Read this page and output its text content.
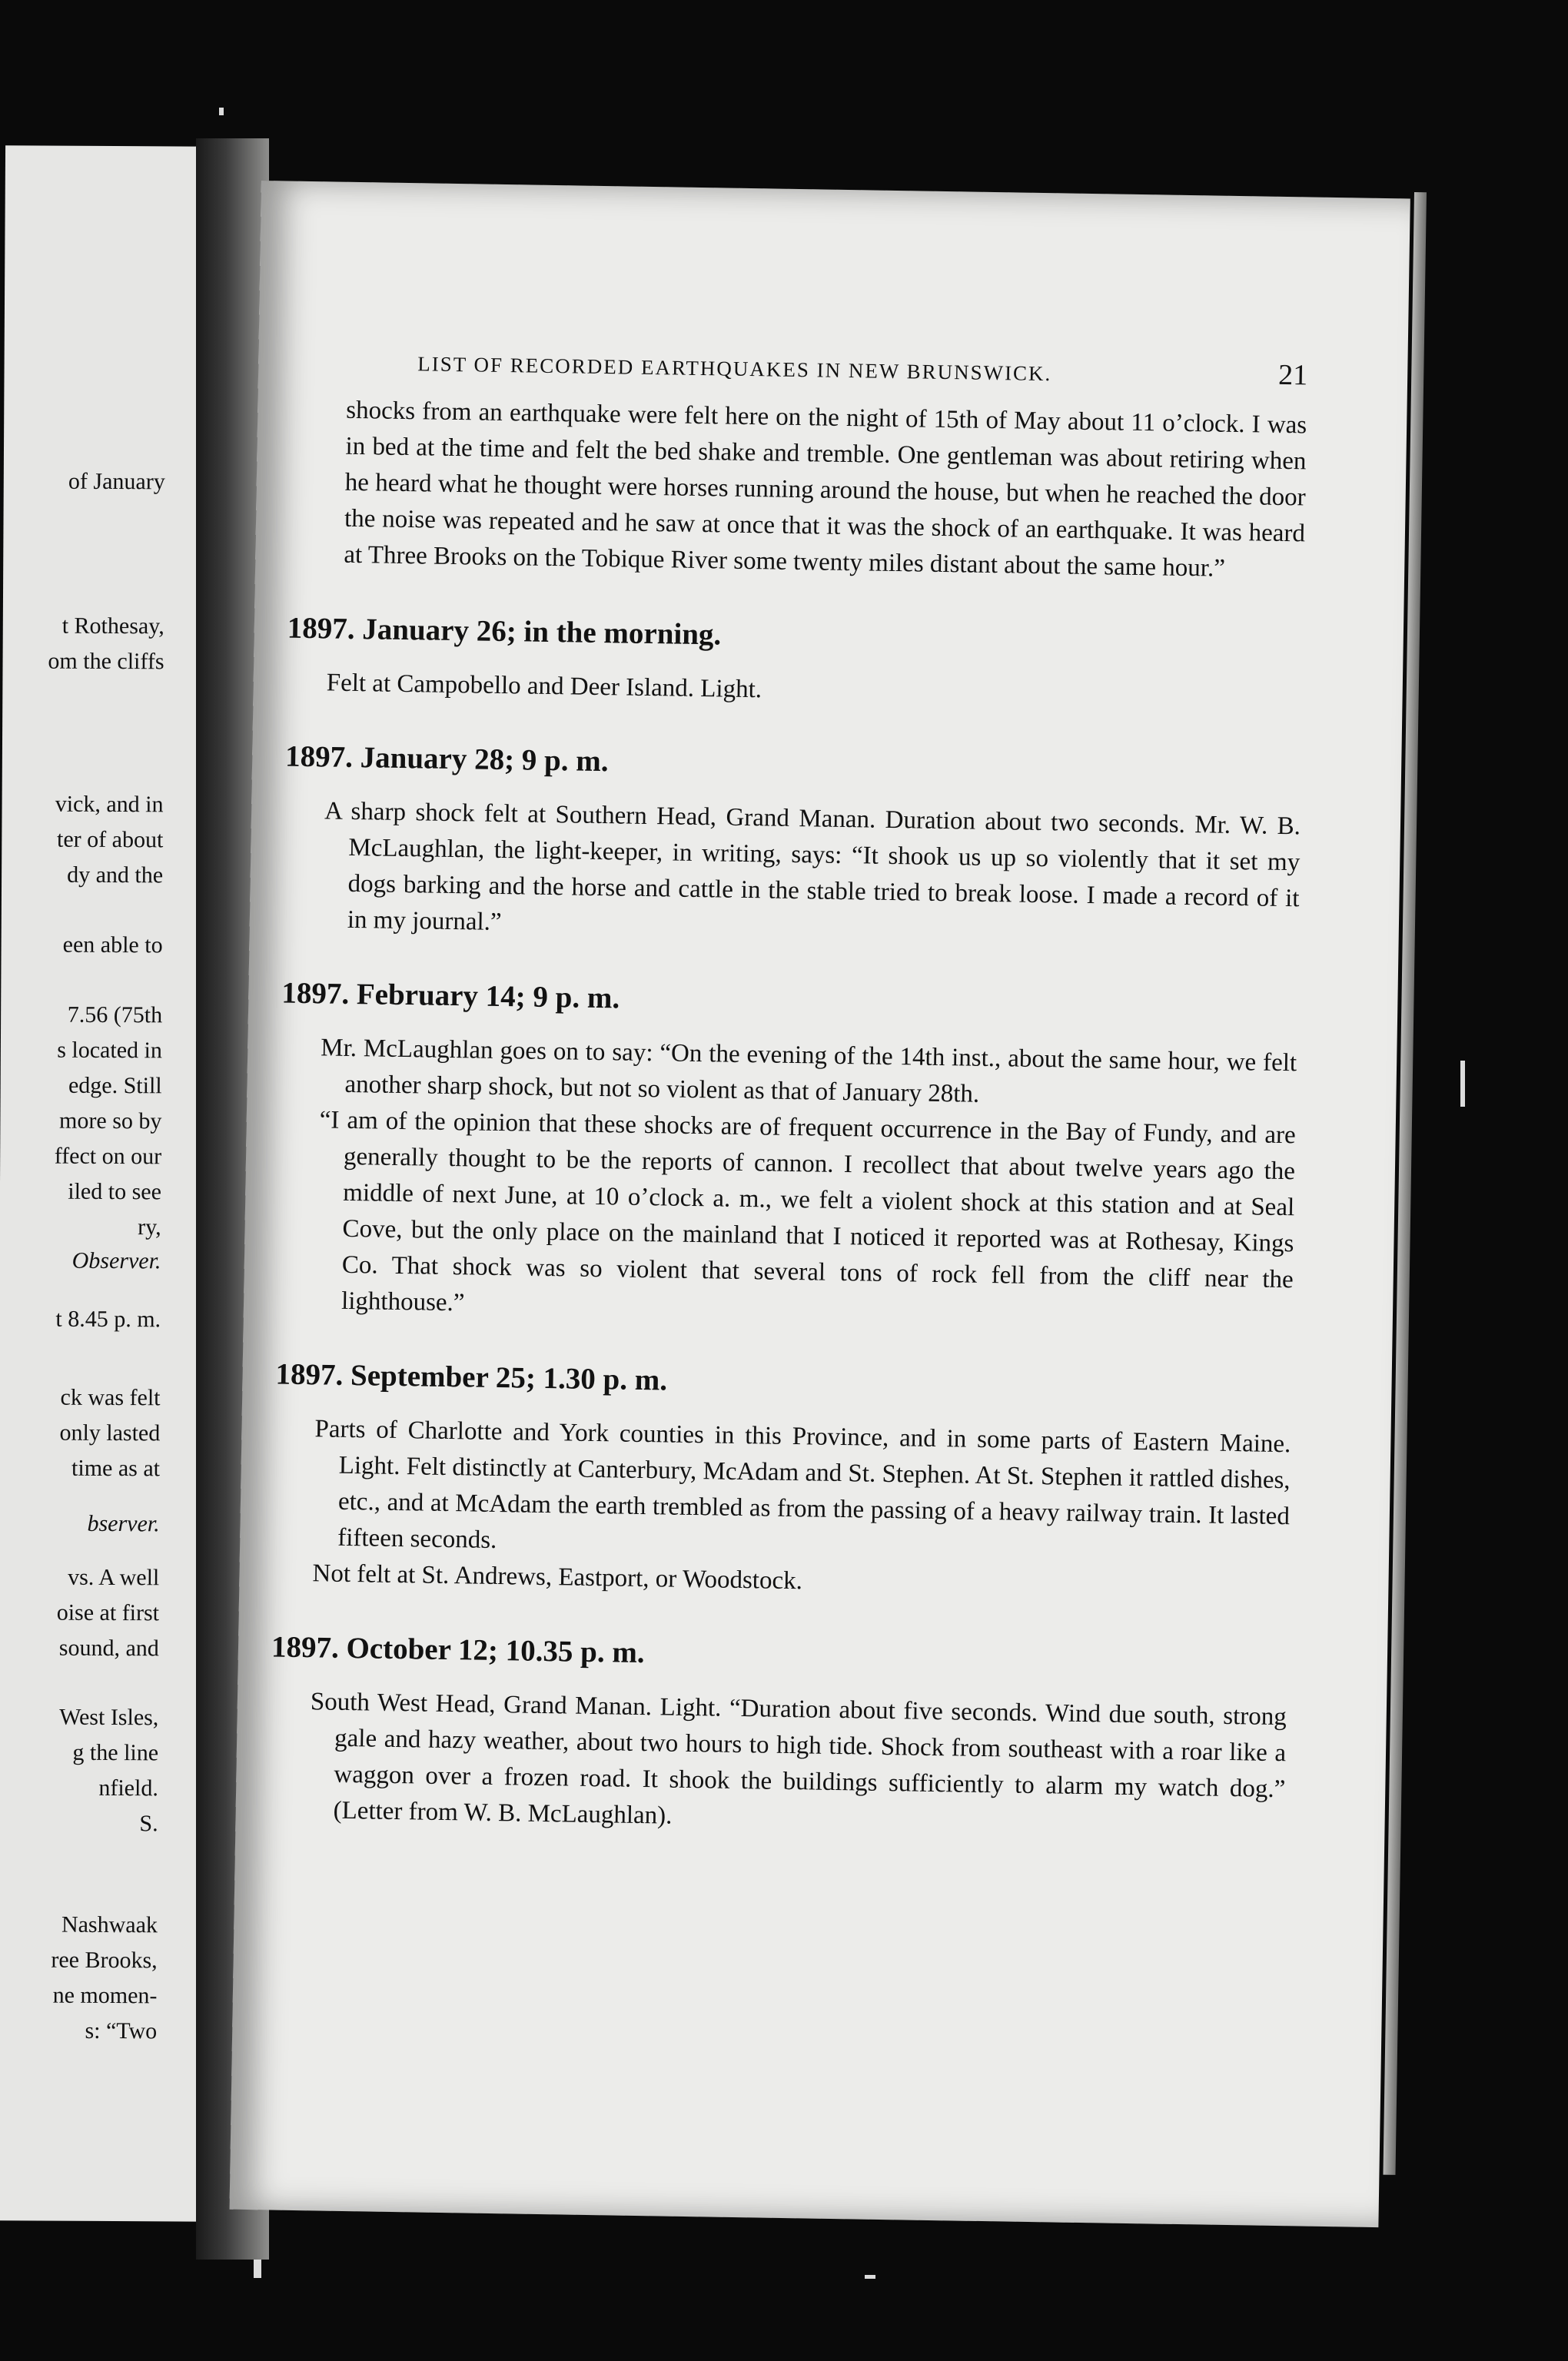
of January
t Rothesay,
om the cliffs
vick, and in
ter of about
dy and the
een able to
7.56 (75th
s located in
edge. Still
more so by
ffect on our
iled to see
ry,
Observer.
t 8.45 p. m.
ck was felt
only lasted
time as at
bserver.
vs. A well
oise at first
sound, and
West Isles,
g the line
nfield.
S.
Nashwaak
ree Brooks,
ne momen-
s: “Two
LIST OF RECORDED EARTHQUAKES IN NEW BRUNSWICK.	21

shocks from an earthquake were felt here on the night of 15th of May about 11 o’clock. I was in bed at the time and felt the bed shake and tremble. One gentleman was about retiring when he heard what he thought were horses running around the house, but when he reached the door the noise was repeated and he saw at once that it was the shock of an earthquake. It was heard at Three Brooks on the Tobique River some twenty miles distant about the same hour.”

1897. January 26; in the morning.

Felt at Campobello and Deer Island. Light.

1897. January 28; 9 p. m.

A sharp shock felt at Southern Head, Grand Manan. Duration about two seconds. Mr. W. B. McLaughlan, the light-keeper, in writing, says: “It shook us up so violently that it set my dogs barking and the horse and cattle in the stable tried to break loose. I made a record of it in my journal.”

1897. February 14; 9 p. m.

Mr. McLaughlan goes on to say: “On the evening of the 14th inst., about the same hour, we felt another sharp shock, but not so violent as that of January 28th.

“I am of the opinion that these shocks are of frequent occurrence in the Bay of Fundy, and are generally thought to be the reports of cannon. I recollect that about twelve years ago the middle of next June, at 10 o’clock a. m., we felt a violent shock at this station and at Seal Cove, but the only place on the mainland that I noticed it reported was at Rothesay, Kings Co. That shock was so violent that several tons of rock fell from the cliff near the lighthouse.”

1897. September 25; 1.30 p. m.

Parts of Charlotte and York counties in this Province, and in some parts of Eastern Maine. Light. Felt distinctly at Canterbury, McAdam and St. Stephen. At St. Stephen it rattled dishes, etc., and at McAdam the earth trembled as from the passing of a heavy railway train. It lasted fifteen seconds.

Not felt at St. Andrews, Eastport, or Woodstock.

1897. October 12; 10.35 p. m.

South West Head, Grand Manan. Light. “Duration about five seconds. Wind due south, strong gale and hazy weather, about two hours to high tide. Shock from southeast with a roar like a waggon over a frozen road. It shook the buildings sufficiently to alarm my watch dog.” (Letter from W. B. McLaughlan).
